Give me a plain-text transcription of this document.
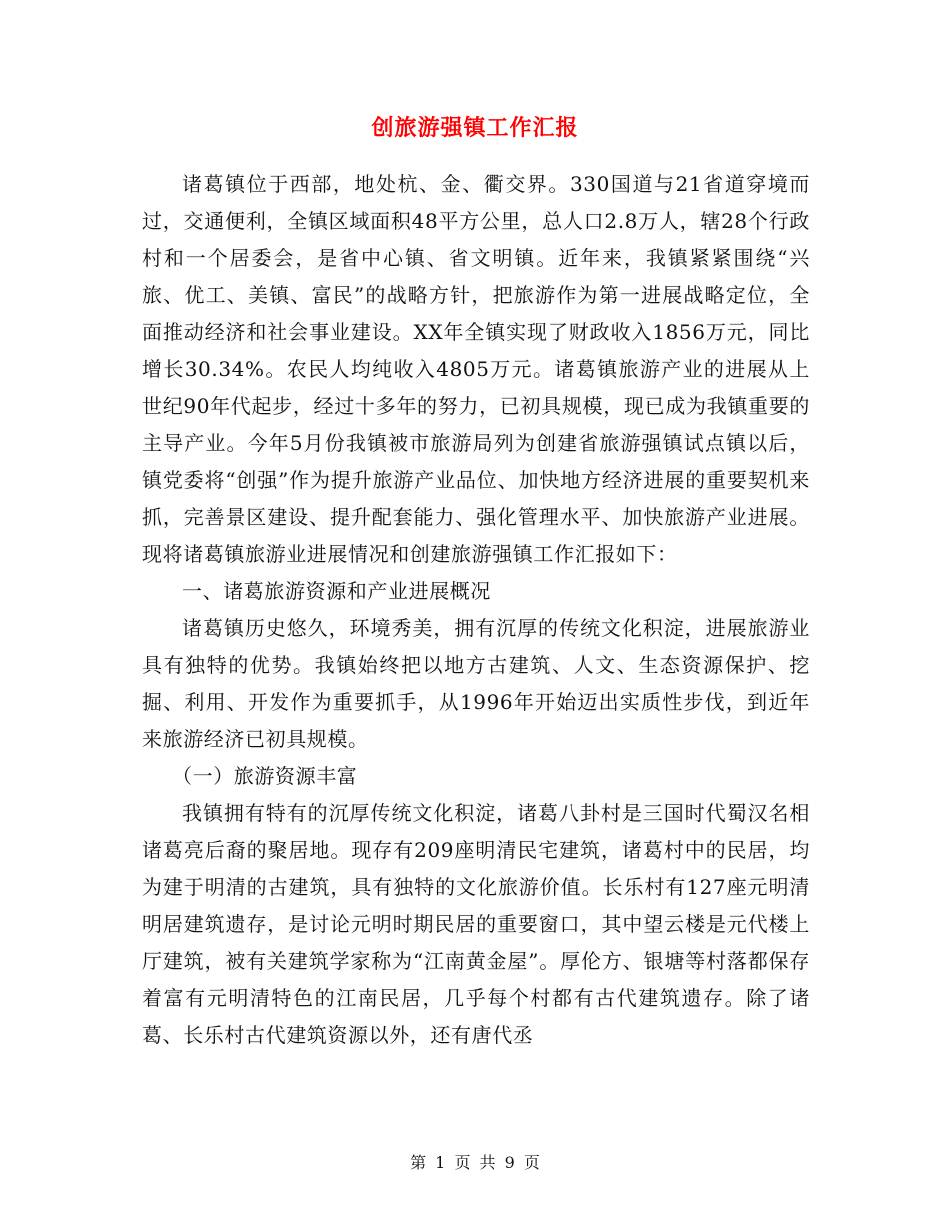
创旅游强镇工作汇报

诸葛镇位于西部，地处杭、金、衢交界。330国道与21省道穿境而过，交通便利，全镇区域面积48平方公里，总人口2.8万人，辖28个行政村和一个居委会，是省中心镇、省文明镇。近年来，我镇紧紧围绕“兴旅、优工、美镇、富民”的战略方针，把旅游作为第一进展战略定位，全面推动经济和社会事业建设。XX年全镇实现了财政收入1856万元，同比增长30.34%。农民人均纯收入4805万元。诸葛镇旅游产业的进展从上世纪90年代起步，经过十多年的努力，已初具规模，现已成为我镇重要的主导产业。今年5月份我镇被市旅游局列为创建省旅游强镇试点镇以后，镇党委将“创强”作为提升旅游产业品位、加快地方经济进展的重要契机来抓，完善景区建设、提升配套能力、强化管理水平、加快旅游产业进展。现将诸葛镇旅游业进展情况和创建旅游强镇工作汇报如下：

一、诸葛旅游资源和产业进展概况

诸葛镇历史悠久，环境秀美，拥有沉厚的传统文化积淀，进展旅游业具有独特的优势。我镇始终把以地方古建筑、人文、生态资源保护、挖掘、利用、开发作为重要抓手，从1996年开始迈出实质性步伐，到近年来旅游经济已初具规模。

（一）旅游资源丰富

我镇拥有特有的沉厚传统文化积淀，诸葛八卦村是三国时代蜀汉名相诸葛亮后裔的聚居地。现存有209座明清民宅建筑，诸葛村中的民居，均为建于明清的古建筑，具有独特的文化旅游价值。长乐村有127座元明清明居建筑遗存，是讨论元明时期民居的重要窗口，其中望云楼是元代楼上厅建筑，被有关建筑学家称为“江南黄金屋”。厚伦方、银塘等村落都保存着富有元明清特色的江南民居，几乎每个村都有古代建筑遗存。除了诸葛、长乐村古代建筑资源以外，还有唐代丞

第 1 页 共 9 页
